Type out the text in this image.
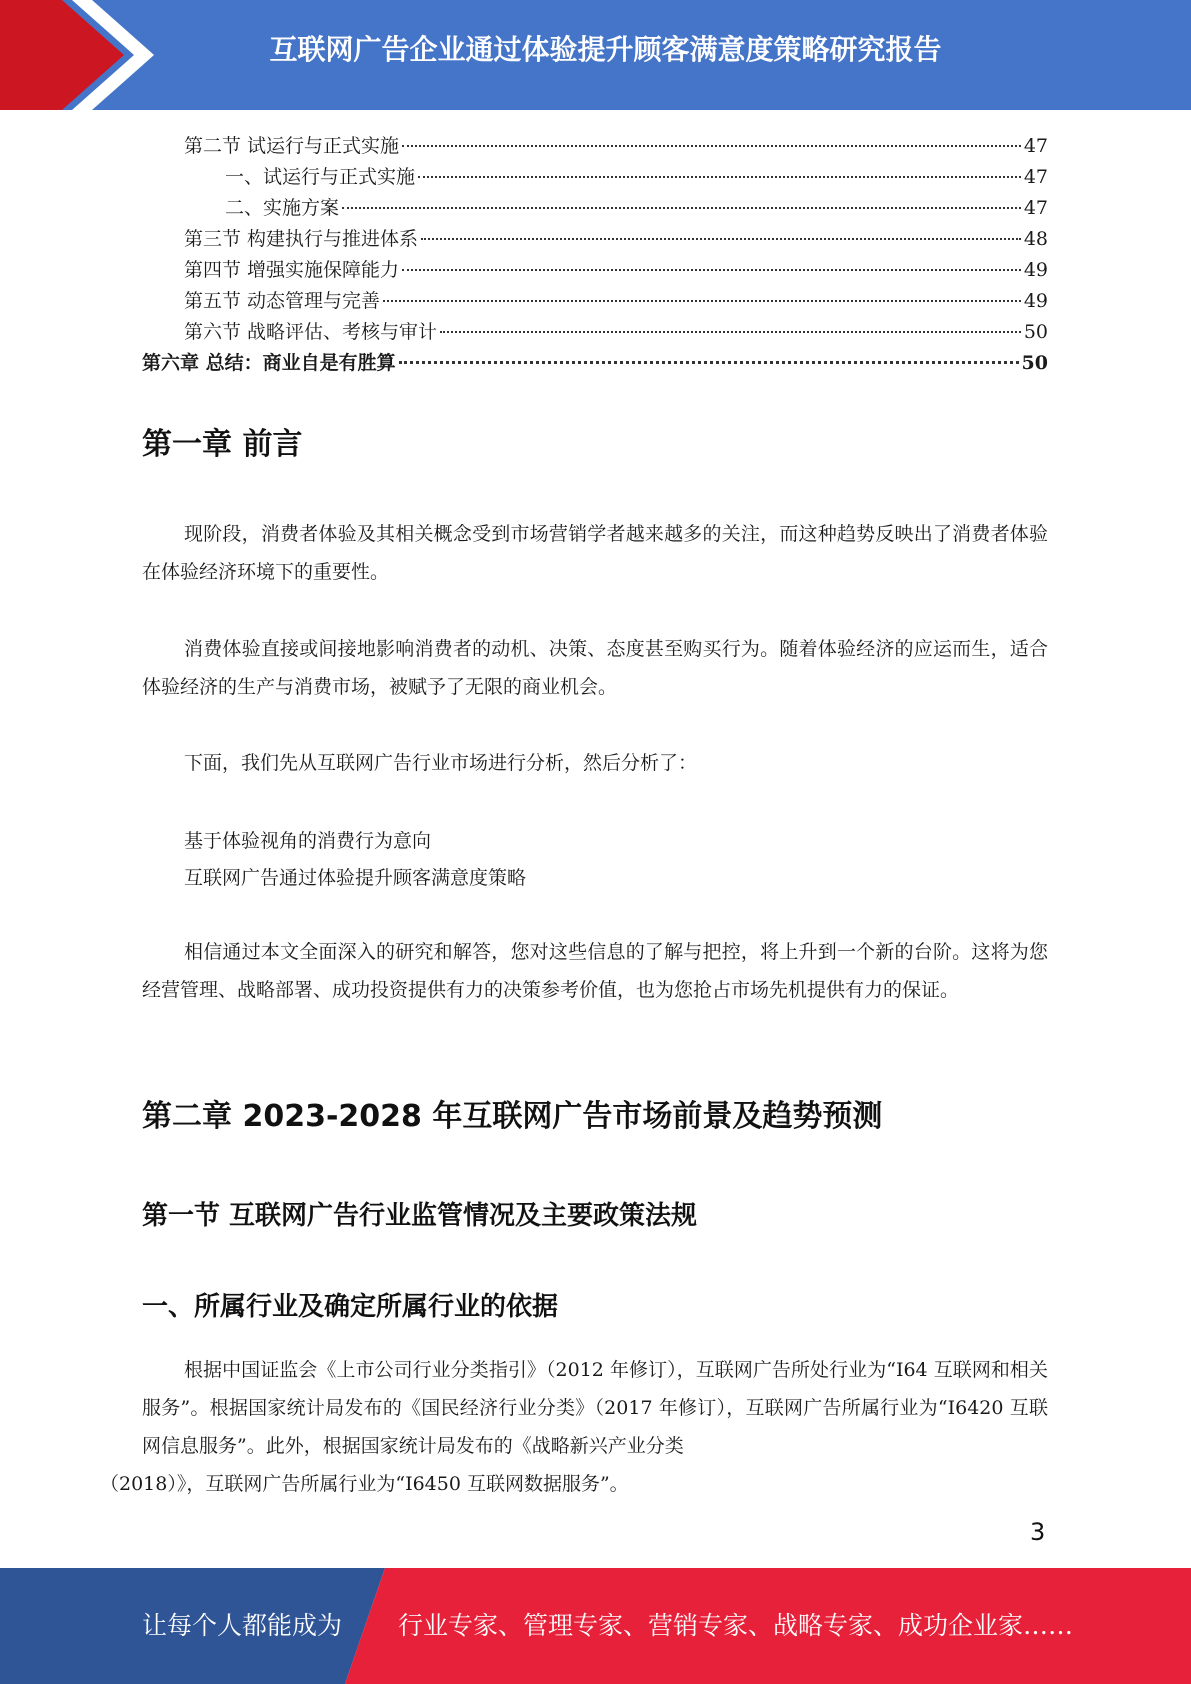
互联网广告企业通过体验提升顾客满意度策略研究报告
第二节 试运行与正式实施	47
一、试运行与正式实施	47
二、实施方案	47
第三节 构建执行与推进体系	48
第四节 增强实施保障能力	49
第五节 动态管理与完善	49
第六节 战略评估、考核与审计	50
第六章 总结：商业自是有胜算	50
第一章 前言

现阶段，消费者体验及其相关概念受到市场营销学者越来越多的关注，而这种趋势反映出了消费者体验在体验经济环境下的重要性。

消费体验直接或间接地影响消费者的动机、决策、态度甚至购买行为。随着体验经济的应运而生，适合体验经济的生产与消费市场，被赋予了无限的商业机会。

下面，我们先从互联网广告行业市场进行分析，然后分析了：

基于体验视角的消费行为意向

互联网广告通过体验提升顾客满意度策略

相信通过本文全面深入的研究和解答，您对这些信息的了解与把控，将上升到一个新的台阶。这将为您经营管理、战略部署、成功投资提供有力的决策参考价值，也为您抢占市场先机提供有力的保证。

第二章 2023-2028 年互联网广告市场前景及趋势预测
第一节 互联网广告行业监管情况及主要政策法规
一、所属行业及确定所属行业的依据

根据中国证监会《上市公司行业分类指引》（2012 年修订），互联网广告所处行业为“I64 互联网和相关服务”。根据国家统计局发布的《国民经济行业分类》（2017 年修订），互联网广告所属行业为“I6420 互联网信息服务”。此外，根据国家统计局发布的《战略新兴产业分类
（2018）》，互联网广告所属行业为“I6450 互联网数据服务”。

3
让每个人都能成为 行业专家、管理专家、营销专家、战略专家、成功企业家……
